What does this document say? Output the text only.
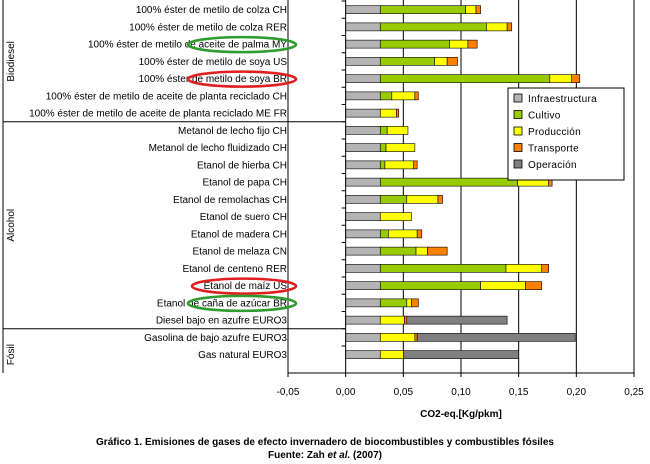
100% éster de metilo de colza CH
100% éster de metilo de colza RER
100% éster de metilo de aceite de palma MY
100% éster de metilo de soya US
100% éster de metilo de soya BR
100% éster de metilo de aceite de planta reciclado CH
100% éster de metilo de aceite de planta reciclado ME FR
Metanol de lecho fijo CH
Metanol de lecho fluidizado CH
Etanol de hierba CH
Etanol de papa CH
Etanol de remolachas CH
Etanol de suero CH
Etanol de madera CH
Etanol de melaza CN
Etanol de centeno RER
Etanol de maíz US
Etanol de caña de azúcar BR
Diesel bajo en azufre EURO3
Gasolina de bajo azufre EURO3
Gas natural EURO3
Biodiesel
Alcohol
Fósil
-0,05	0,00	0,05	0,10	0,15	0,20	0,25
CO2-eq.[Kg/pkm]
Infraestructura
Cultivo
Producción
Transporte
Operación
Gráfico 1. Emisiones de gases de efecto invernadero de biocombustibles y combustibles fósiles
Fuente: Zah et al. (2007)
